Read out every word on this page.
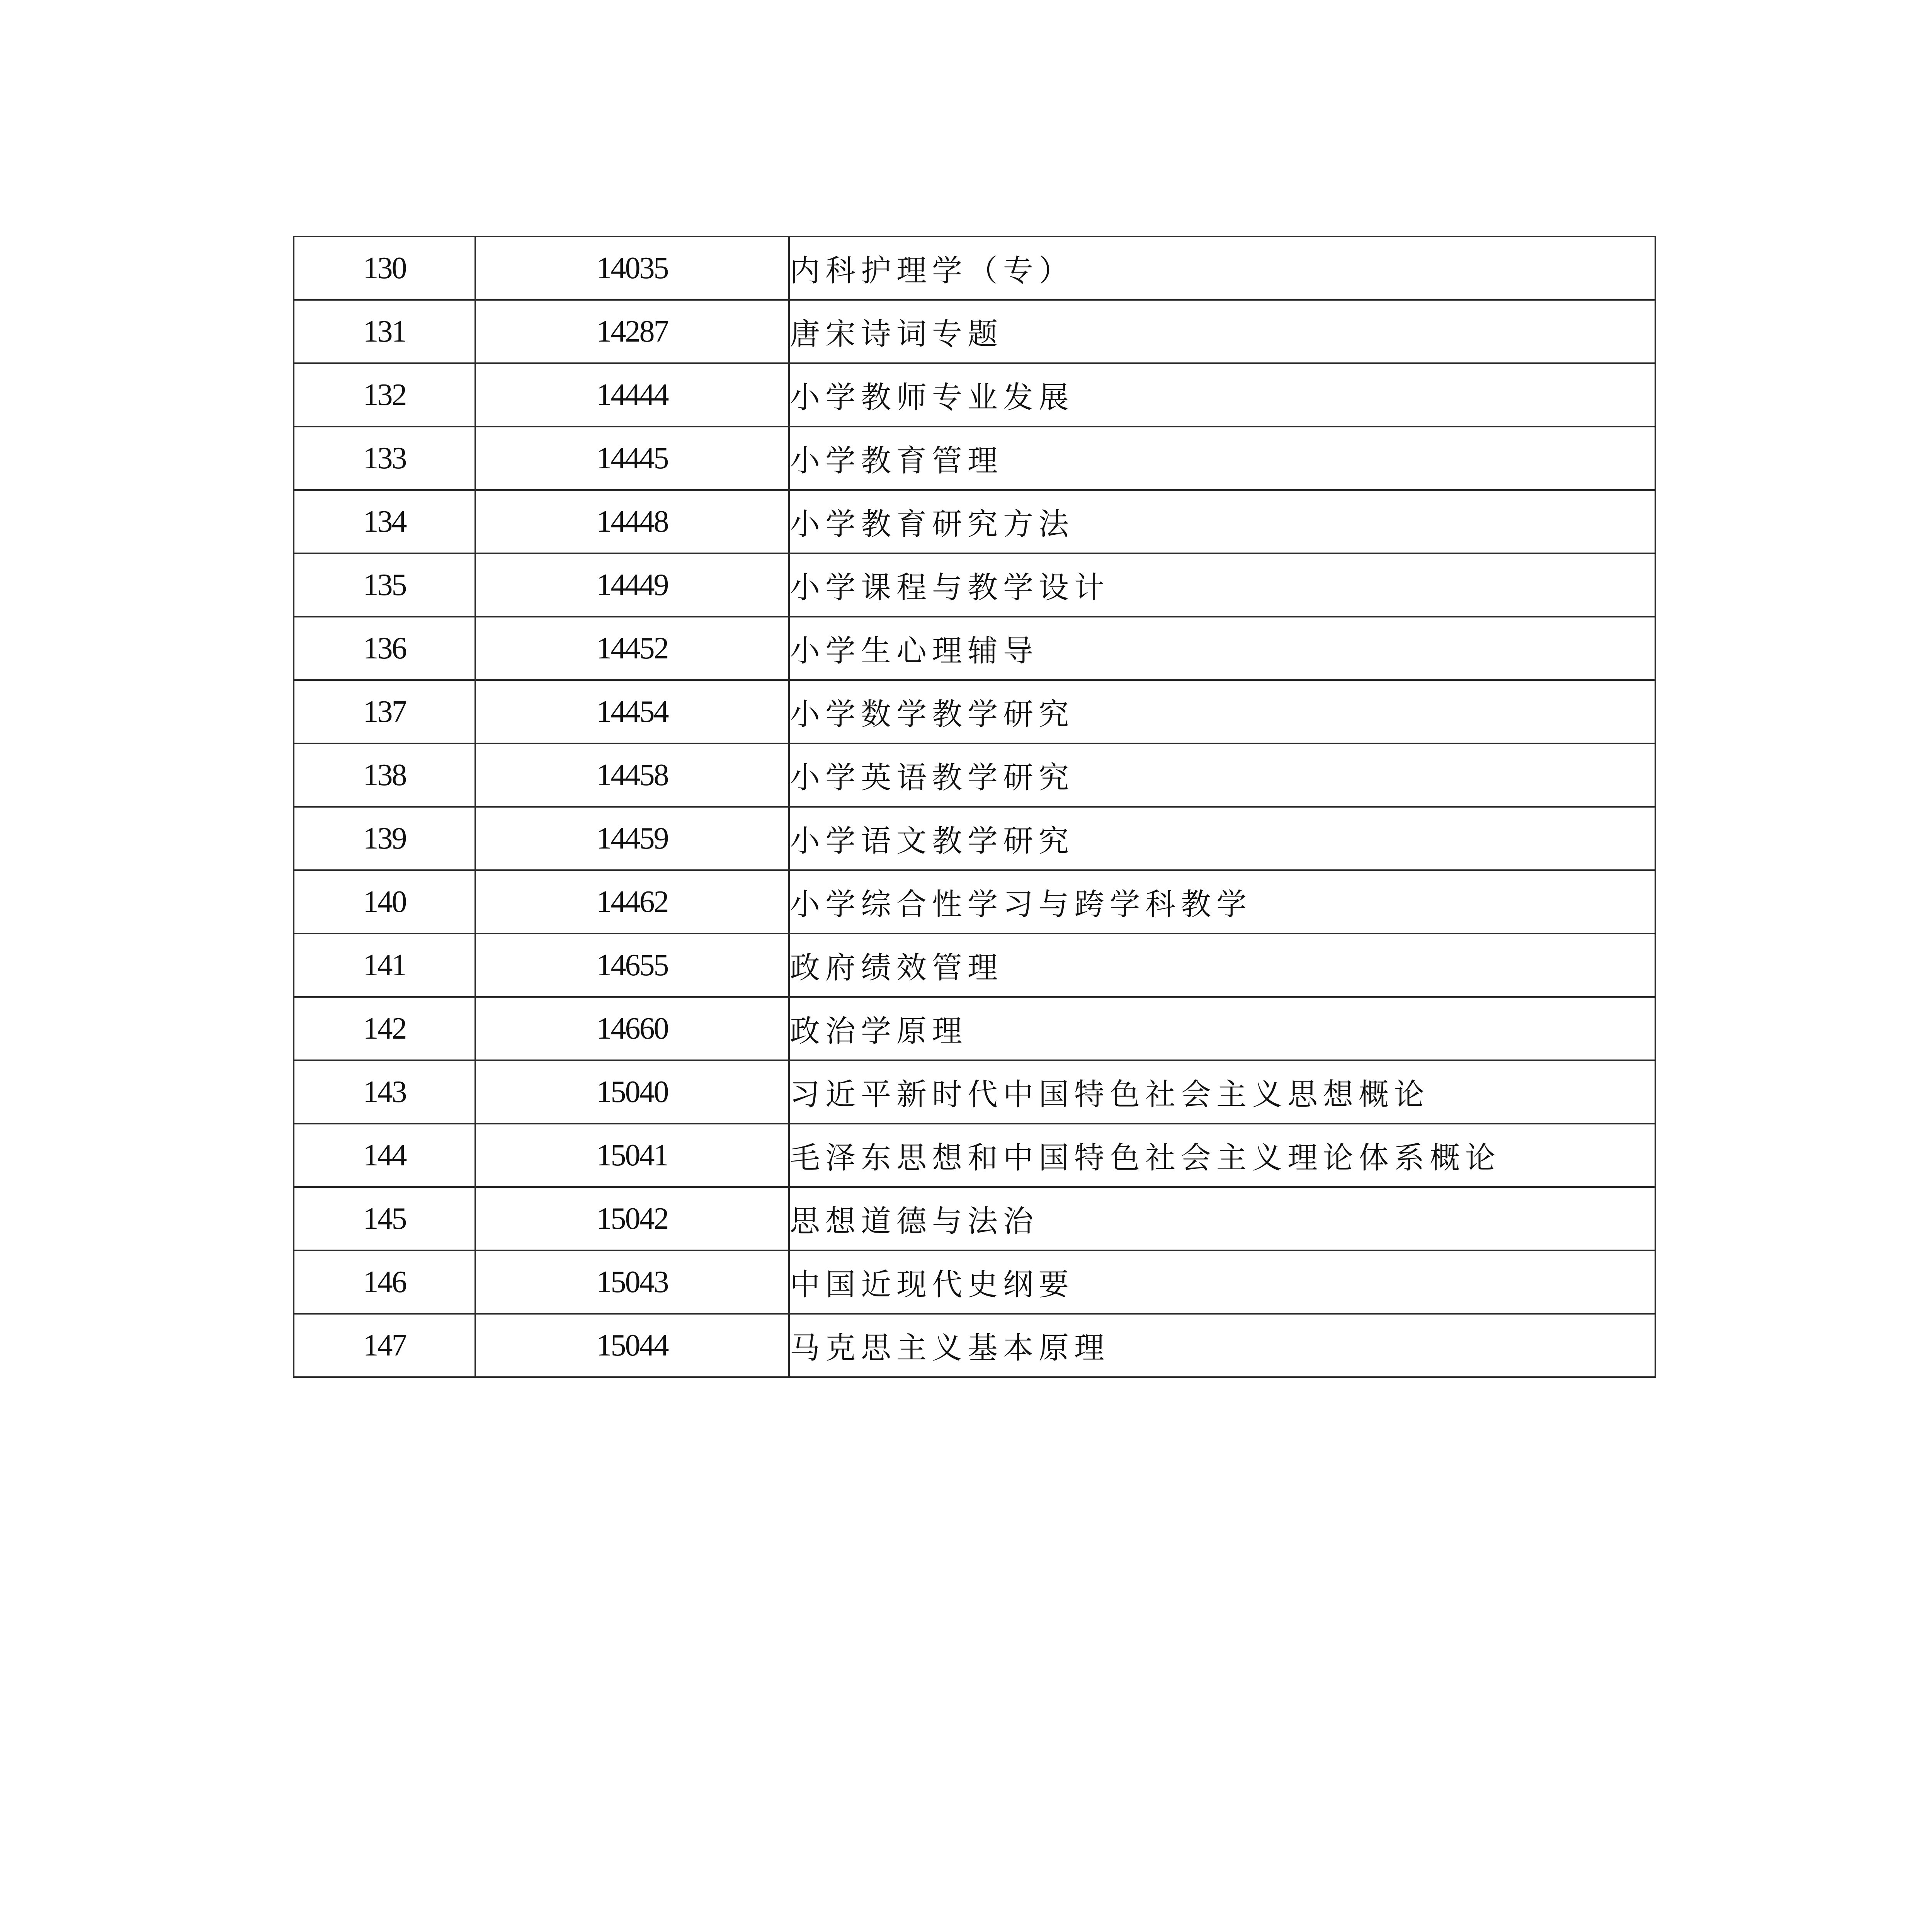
130	14035	内科护理学（专）
131	14287	唐宋诗词专题
132	14444	小学教师专业发展
133	14445	小学教育管理
134	14448	小学教育研究方法
135	14449	小学课程与教学设计
136	14452	小学生心理辅导
137	14454	小学数学教学研究
138	14458	小学英语教学研究
139	14459	小学语文教学研究
140	14462	小学综合性学习与跨学科教学
141	14655	政府绩效管理
142	14660	政治学原理
143	15040	习近平新时代中国特色社会主义思想概论
144	15041	毛泽东思想和中国特色社会主义理论体系概论
145	15042	思想道德与法治
146	15043	中国近现代史纲要
147	15044	马克思主义基本原理
